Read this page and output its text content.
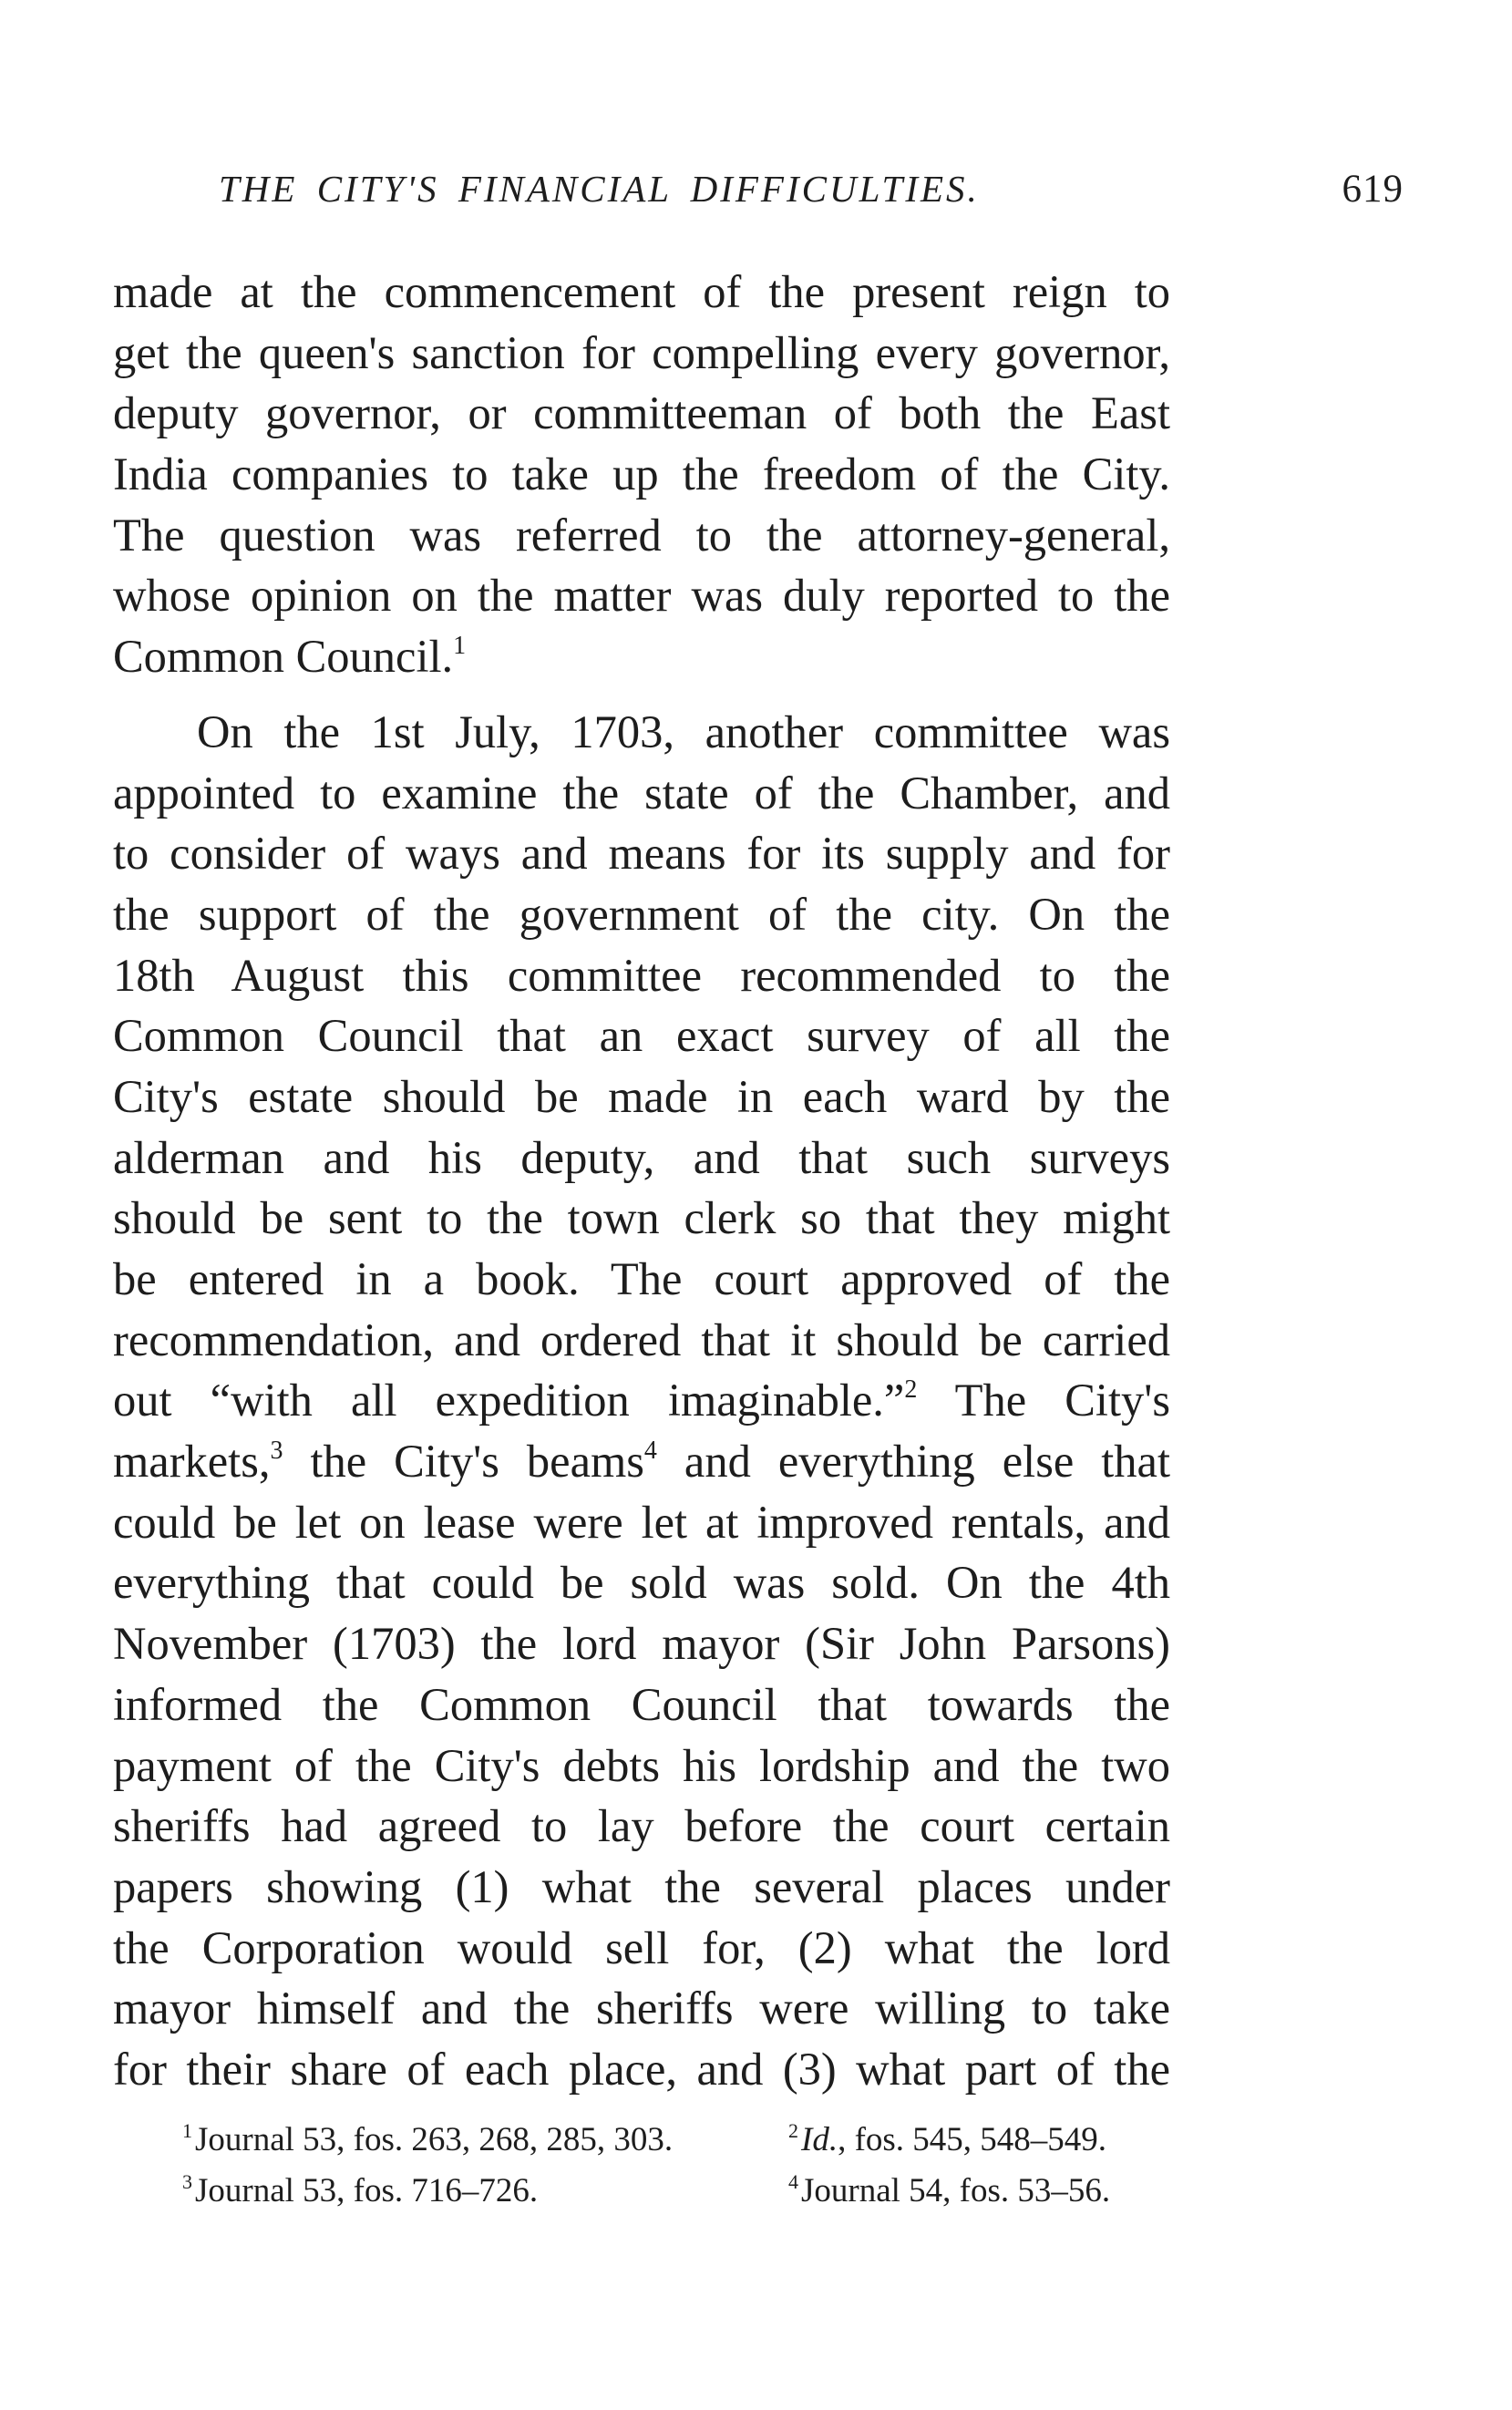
THE CITY'S FINANCIAL DIFFICULTIES.	619
made at the commencement of the present reign to
get the queen's sanction for compelling every governor,
deputy governor, or committeeman of both the East
India companies to take up the freedom of the City.
The question was referred to the attorney-general,
whose opinion on the matter was duly reported to the
Common Council.$^1$
On the 1st July, 1703, another committee was
appointed to examine the state of the Chamber, and
to consider of ways and means for its supply and for
the support of the government of the city. On the
18th August this committee recommended to the
Common Council that an exact survey of all the
City's estate should be made in each ward by the
alderman and his deputy, and that such surveys
should be sent to the town clerk so that they might
be entered in a book. The court approved of the
recommendation, and ordered that it should be carried
out “with all expedition imaginable.”$^2$ The City's
markets,$^3$ the City's beams$^4$ and everything else that
could be let on lease were let at improved rentals, and
everything that could be sold was sold. On the 4th
November (1703) the lord mayor (Sir John Parsons)
informed the Common Council that towards the
payment of the City's debts his lordship and the two
sheriffs had agreed to lay before the court certain
papers showing (1) what the several places under
the Corporation would sell for, (2) what the lord
mayor himself and the sheriffs were willing to take
for their share of each place, and (3) what part of the
$^1$Journal 53, fos. 263, 268, 285, 303.	$^2$Id., fos. 545, 548–549.
$^3$Journal 53, fos. 716–726.	$^4$Journal 54, fos. 53–56.
